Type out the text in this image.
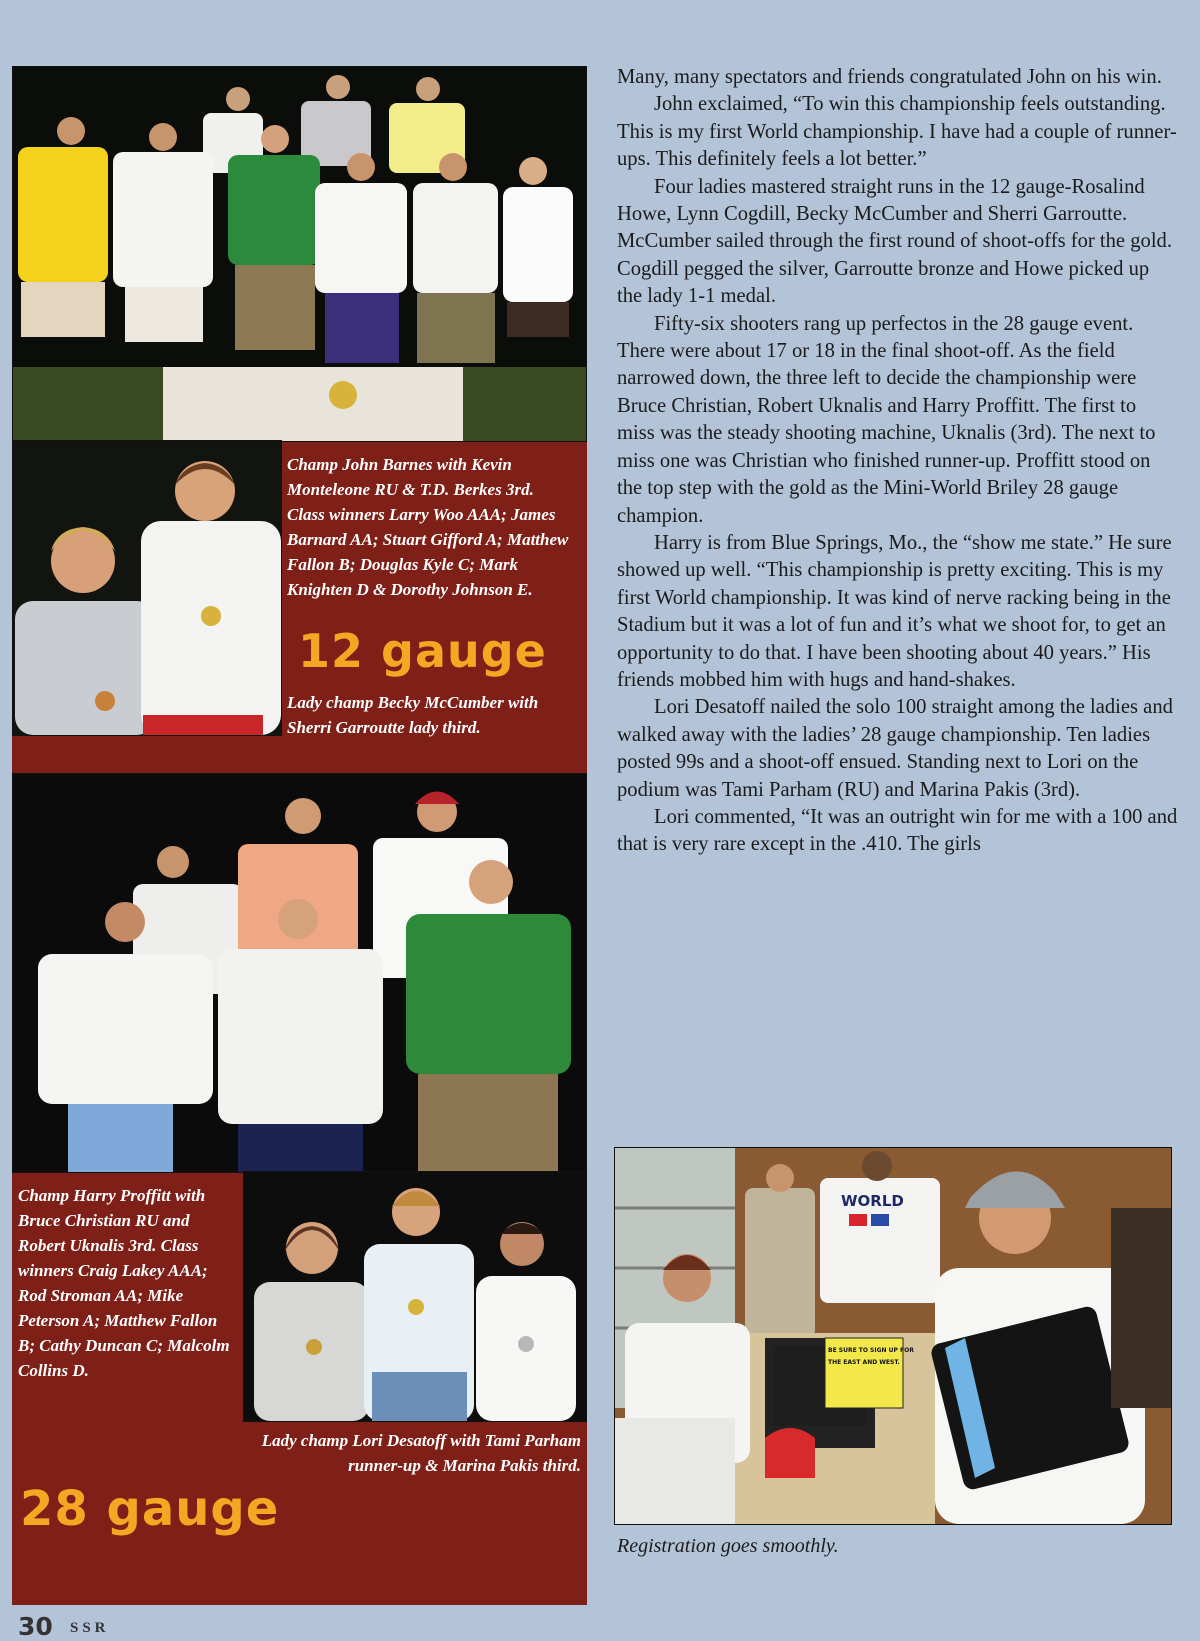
WORLD
BE SURE TO SIGN UP FOR
THE EAST AND WEST.

Champ John Barnes with Kevin Monteleone RU & T.D. Berkes 3rd. Class winners Larry Woo AAA; James Barnard AA; Stuart Gifford A; Matthew Fallon B; Douglas Kyle C; Mark Knighten D & Dorothy Johnson E.

12 gauge

Lady champ Becky McCumber with Sherri Garroutte lady third.

Champ Harry Proffitt with Bruce Christian RU and Robert Uknalis 3rd. Class winners Craig Lakey AAA; Rod Stroman AA; Mike Peterson A; Matthew Fallon B; Cathy Duncan C; Malcolm Collins D.

Lady champ Lori Desatoff with Tami Parham runner-up & Marina Pakis third.

28 gauge

Many, many spectators and friends congratulated John on his win.

John exclaimed, “To win this championship feels outstanding. This is my first World championship. I have had a couple of runner-ups. This definitely feels a lot better.”

Four ladies mastered straight runs in the 12 gauge-Rosalind Howe, Lynn Cogdill, Becky McCumber and Sherri Garroutte. McCumber sailed through the first round of shoot-offs for the gold. Cogdill pegged the silver, Garroutte bronze and Howe picked up the lady 1-1 medal.

Fifty-six shooters rang up perfectos in the 28 gauge event. There were about 17 or 18 in the final shoot-off. As the field narrowed down, the three left to decide the championship were Bruce Christian, Robert Uknalis and Harry Proffitt. The first to miss was the steady shooting machine, Uknalis (3rd). The next to miss one was Christian who finished runner-up. Proffitt stood on the top step with the gold as the Mini-World Briley 28 gauge champion.

Harry is from Blue Springs, Mo., the “show me state.” He sure showed up well. “This championship is pretty exciting. This is my first World championship. It was kind of nerve racking being in the Stadium but it was a lot of fun and it’s what we shoot for, to get an opportunity to do that. I have been shooting about 40 years.” His friends mobbed him with hugs and hand-shakes.

Lori Desatoff nailed the solo 100 straight among the ladies and walked away with the ladies’ 28 gauge championship. Ten ladies posted 99s and a shoot-off ensued. Standing next to Lori on the podium was Tami Parham (RU) and Marina Pakis (3rd).

Lori commented, “It was an outright win for me with a 100 and that is very rare except in the .410. The girls

Registration goes smoothly.

30 SSR
